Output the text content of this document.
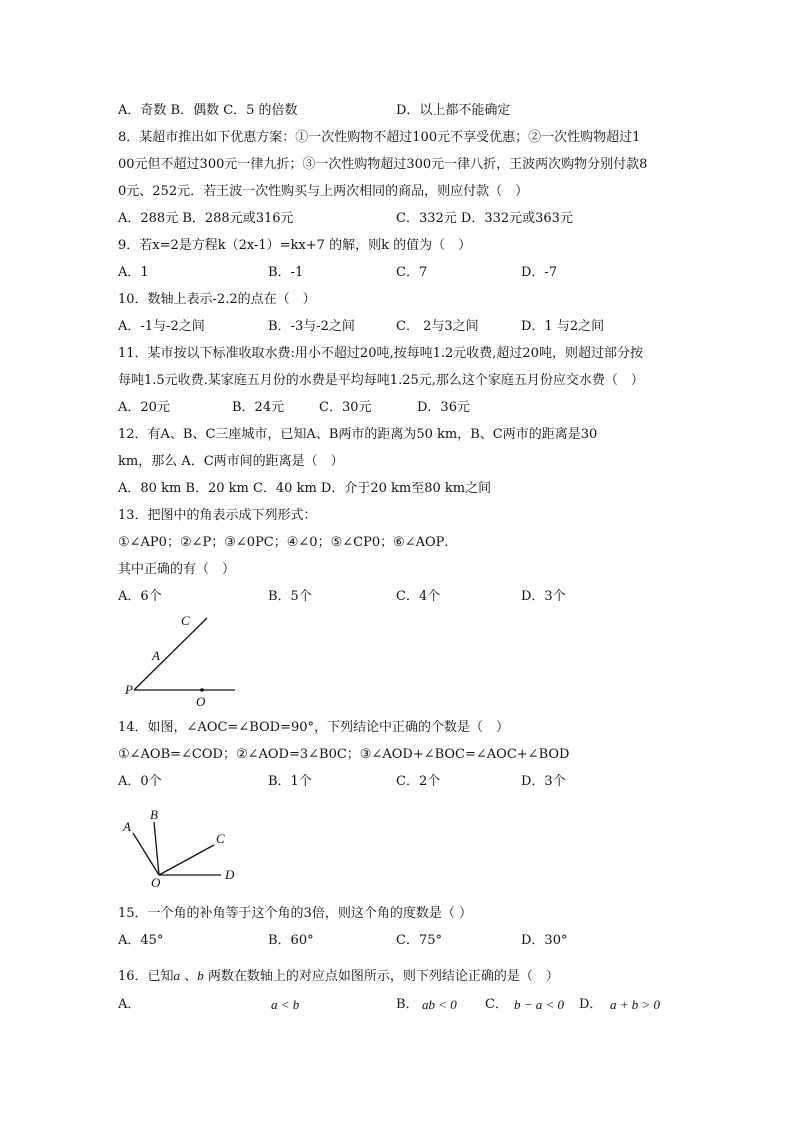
A．奇数 B．偶数 C．5 的倍数	D．以上都不能确定
8．某超市推出如下优惠方案：①一次性购物不超过100元不享受优惠；②一次性购物超过1
00元但不超过300元一律九折；③一次性购物超过300元一律八折，王波两次购物分别付款8
0元、252元．若王波一次性购买与上两次相同的商品，则应付款（　）
A．288元 B．288元或316元	C．332元 D．332元或363元
9．若x=2是方程k（2x-1）=kx+7 的解，则k 的值为（　）
A．1	B．-1	C．7	D．-7
10．数轴上表示-2.2的点在（　）
A．-1与-2之间	B．-3与-2之间	C． 2与3之间	D．1 与2之间
11．某市按以下标准收取水费:用小不超过20吨,按每吨1.2元收费,超过20吨，则超过部分按
每吨1.5元收费.某家庭五月份的水费是平均每吨1.25元,那么这个家庭五月份应交水费（　）
A．20元	B．24元	C．30元	D．36元
12．有A、B、C三座城市，已知A、B两市的距离为50 km，B、C两市的距离是30
km，那么 A．C两市间的距离是（　）
A．80 km B．20 km C．40 km D．介于20 km至80 km之间
13．把图中的角表示成下列形式：
①∠AP0；②∠P；③∠0PC；④∠0；⑤∠CP0；⑥∠AOP．
其中正确的有（　）
A．6个	B．5个	C．4个	D．3个
C
A
P
O
14．如图，∠AOC=∠BOD=90°，下列结论中正确的个数是（　）
①∠AOB=∠COD；②∠AOD=3∠B0C；③∠AOD+∠BOC=∠AOC+∠BOD
A．0个	B．1个	C．2个	D．3个
A
B
C
D
O
15．一个角的补角等于这个角的3倍，则这个角的度数是（ ）
A．45°	B．60°	C．75°	D．30°
16．已知a 、b 两数在数轴上的对应点如图所示，则下列结论正确的是（　）
A．	a < b	B． ab < 0 C． b − a < 0 D． a + b > 0
